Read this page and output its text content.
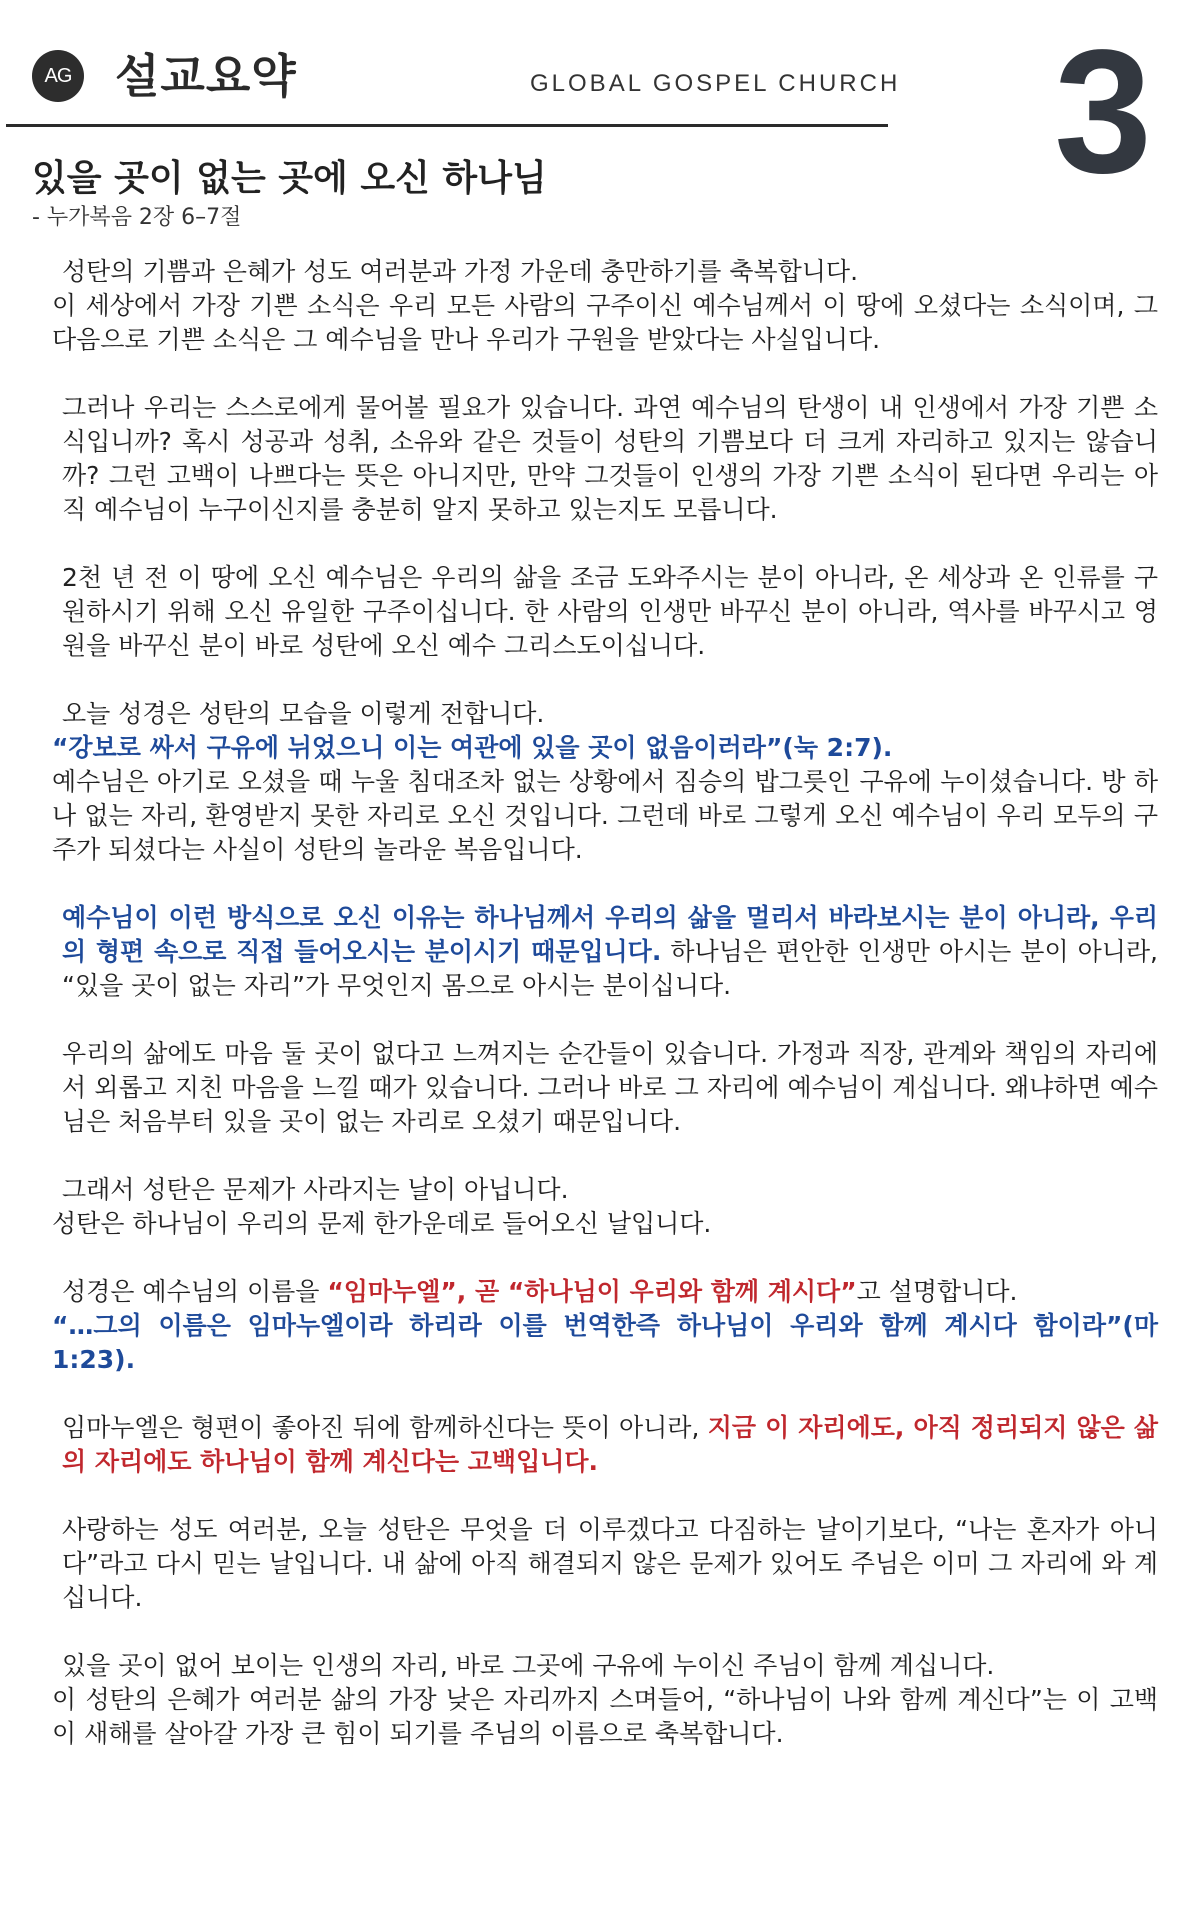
AG 설교요약	GLOBAL GOSPEL CHURCH 3
있을 곳이 없는 곳에 오신 하나님
- 누가복음 2장 6–7절

성탄의 기쁨과 은혜가 성도 여러분과 가정 가운데 충만하기를 축복합니다.
이 세상에서 가장 기쁜 소식은 우리 모든 사람의 구주이신 예수님께서 이 땅에 오셨다는 소식이며, 그다음으로 기쁜 소식은 그 예수님을 만나 우리가 구원을 받았다는 사실입니다.

그러나 우리는 스스로에게 물어볼 필요가 있습니다. 과연 예수님의 탄생이 내 인생에서 가장 기쁜 소식입니까? 혹시 성공과 성취, 소유와 같은 것들이 성탄의 기쁨보다 더 크게 자리하고 있지는 않습니까? 그런 고백이 나쁘다는 뜻은 아니지만, 만약 그것들이 인생의 가장 기쁜 소식이 된다면 우리는 아직 예수님이 누구이신지를 충분히 알지 못하고 있는지도 모릅니다.

2천 년 전 이 땅에 오신 예수님은 우리의 삶을 조금 도와주시는 분이 아니라, 온 세상과 온 인류를 구원하시기 위해 오신 유일한 구주이십니다. 한 사람의 인생만 바꾸신 분이 아니라, 역사를 바꾸시고 영원을 바꾸신 분이 바로 성탄에 오신 예수 그리스도이십니다.

오늘 성경은 성탄의 모습을 이렇게 전합니다.
“강보로 싸서 구유에 뉘었으니 이는 여관에 있을 곳이 없음이러라”(눅 2:7).
예수님은 아기로 오셨을 때 누울 침대조차 없는 상황에서 짐승의 밥그릇인 구유에 누이셨습니다. 방 하나 없는 자리, 환영받지 못한 자리로 오신 것입니다. 그런데 바로 그렇게 오신 예수님이 우리 모두의 구주가 되셨다는 사실이 성탄의 놀라운 복음입니다.

예수님이 이런 방식으로 오신 이유는 하나님께서 우리의 삶을 멀리서 바라보시는 분이 아니라, 우리의 형편 속으로 직접 들어오시는 분이시기 때문입니다. 하나님은 편안한 인생만 아시는 분이 아니라, “있을 곳이 없는 자리”가 무엇인지 몸으로 아시는 분이십니다.

우리의 삶에도 마음 둘 곳이 없다고 느껴지는 순간들이 있습니다. 가정과 직장, 관계와 책임의 자리에서 외롭고 지친 마음을 느낄 때가 있습니다. 그러나 바로 그 자리에 예수님이 계십니다. 왜냐하면 예수님은 처음부터 있을 곳이 없는 자리로 오셨기 때문입니다.

그래서 성탄은 문제가 사라지는 날이 아닙니다.
성탄은 하나님이 우리의 문제 한가운데로 들어오신 날입니다.

성경은 예수님의 이름을 “임마누엘”, 곧 “하나님이 우리와 함께 계시다”고 설명합니다.
“…그의 이름은 임마누엘이라 하리라 이를 번역한즉 하나님이 우리와 함께 계시다 함이라”(마 1:23).

임마누엘은 형편이 좋아진 뒤에 함께하신다는 뜻이 아니라, 지금 이 자리에도, 아직 정리되지 않은 삶의 자리에도 하나님이 함께 계신다는 고백입니다.

사랑하는 성도 여러분, 오늘 성탄은 무엇을 더 이루겠다고 다짐하는 날이기보다, “나는 혼자가 아니다”라고 다시 믿는 날입니다. 내 삶에 아직 해결되지 않은 문제가 있어도 주님은 이미 그 자리에 와 계십니다.

있을 곳이 없어 보이는 인생의 자리, 바로 그곳에 구유에 누이신 주님이 함께 계십니다.
이 성탄의 은혜가 여러분 삶의 가장 낮은 자리까지 스며들어, “하나님이 나와 함께 계신다”는 이 고백이 새해를 살아갈 가장 큰 힘이 되기를 주님의 이름으로 축복합니다.
